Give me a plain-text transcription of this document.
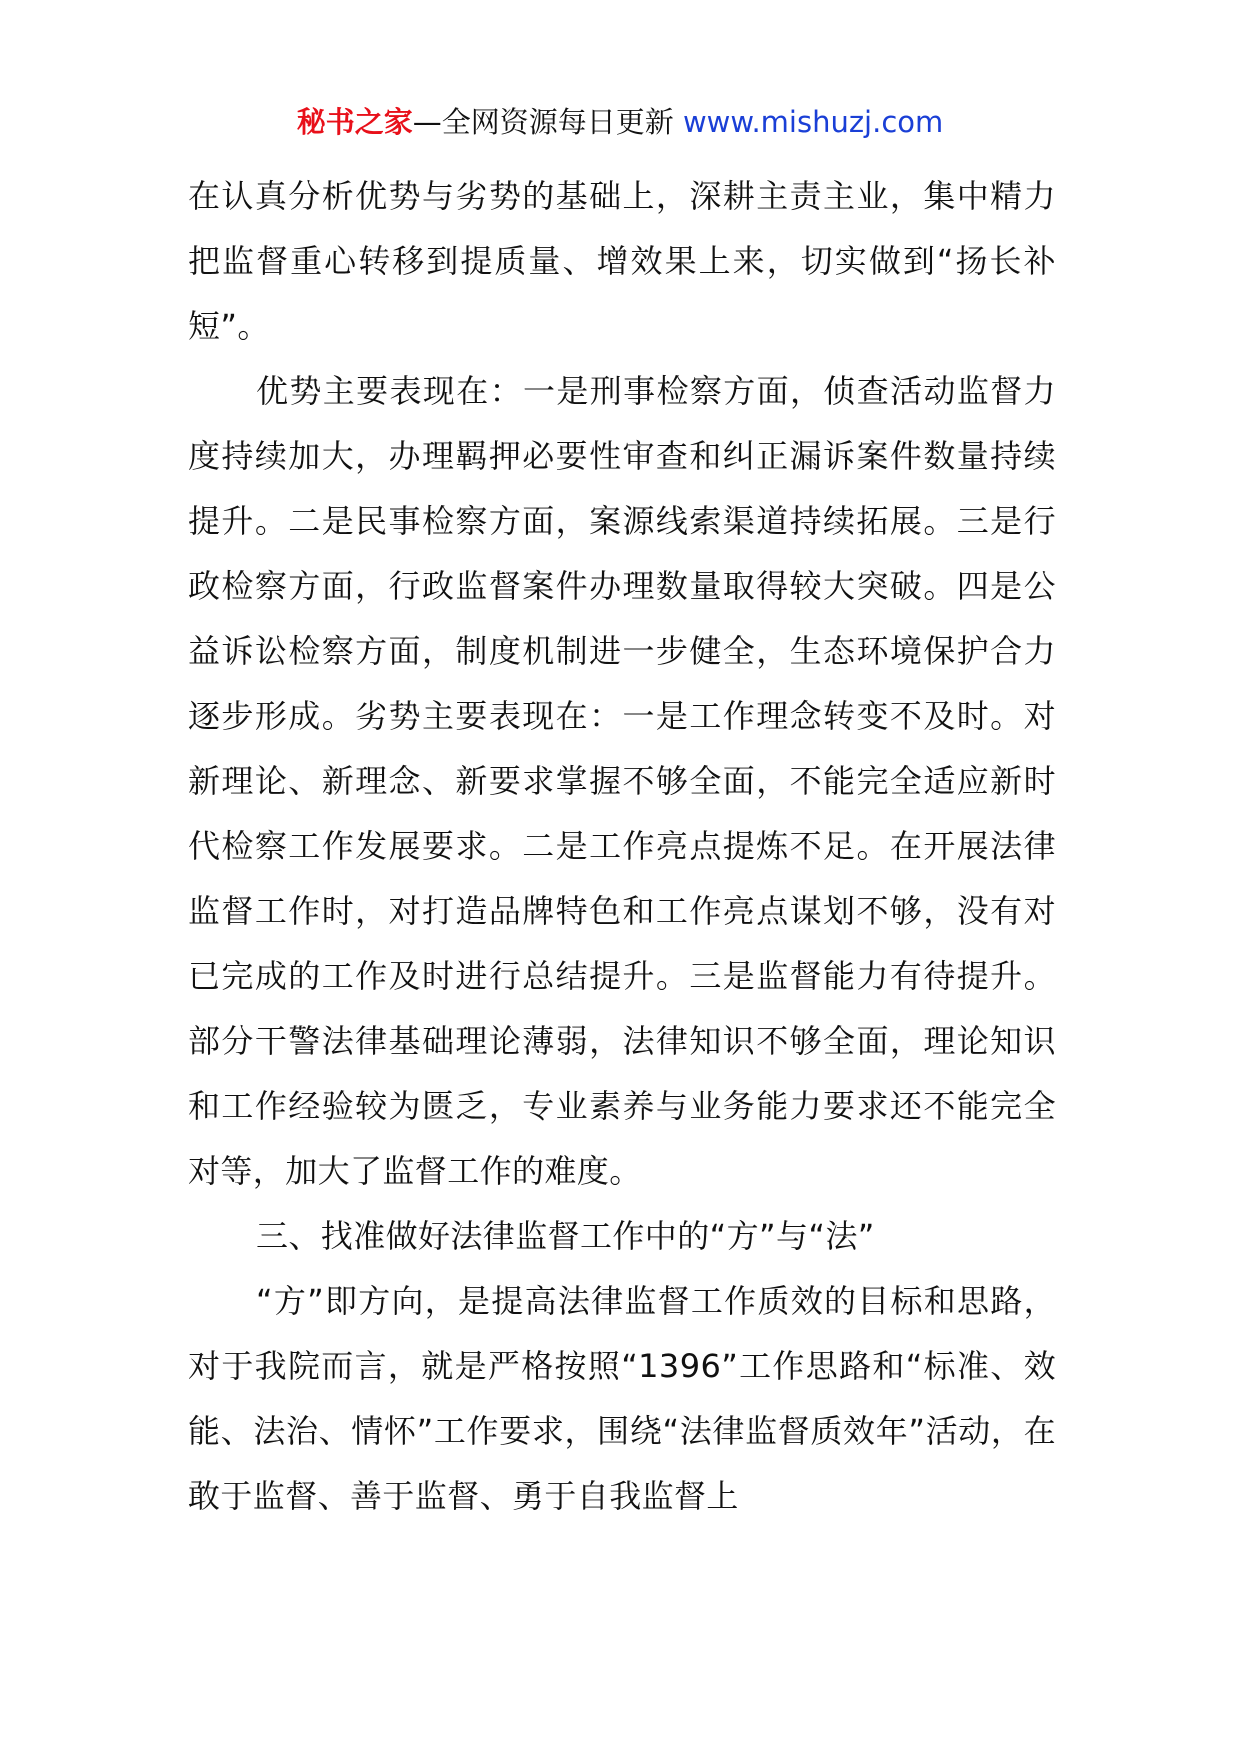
秘书之家—全网资源每日更新 www.mishuzj.com

在认真分析优势与劣势的基础上，深耕主责主业，集中精力把监督重心转移到提质量、增效果上来，切实做到“扬长补短”。

优势主要表现在：一是刑事检察方面，侦查活动监督力度持续加大，办理羁押必要性审查和纠正漏诉案件数量持续提升。二是民事检察方面，案源线索渠道持续拓展。三是行政检察方面，行政监督案件办理数量取得较大突破。四是公益诉讼检察方面，制度机制进一步健全，生态环境保护合力逐步形成。劣势主要表现在：一是工作理念转变不及时。对新理论、新理念、新要求掌握不够全面，不能完全适应新时代检察工作发展要求。二是工作亮点提炼不足。在开展法律监督工作时，对打造品牌特色和工作亮点谋划不够，没有对已完成的工作及时进行总结提升。三是监督能力有待提升。部分干警法律基础理论薄弱，法律知识不够全面，理论知识和工作经验较为匮乏，专业素养与业务能力要求还不能完全对等，加大了监督工作的难度。

三、找准做好法律监督工作中的“方”与“法”

“方”即方向，是提高法律监督工作质效的目标和思路，对于我院而言，就是严格按照“1396”工作思路和“标准、效能、法治、情怀”工作要求，围绕“法律监督质效年”活动，在敢于监督、善于监督、勇于自我监督上
